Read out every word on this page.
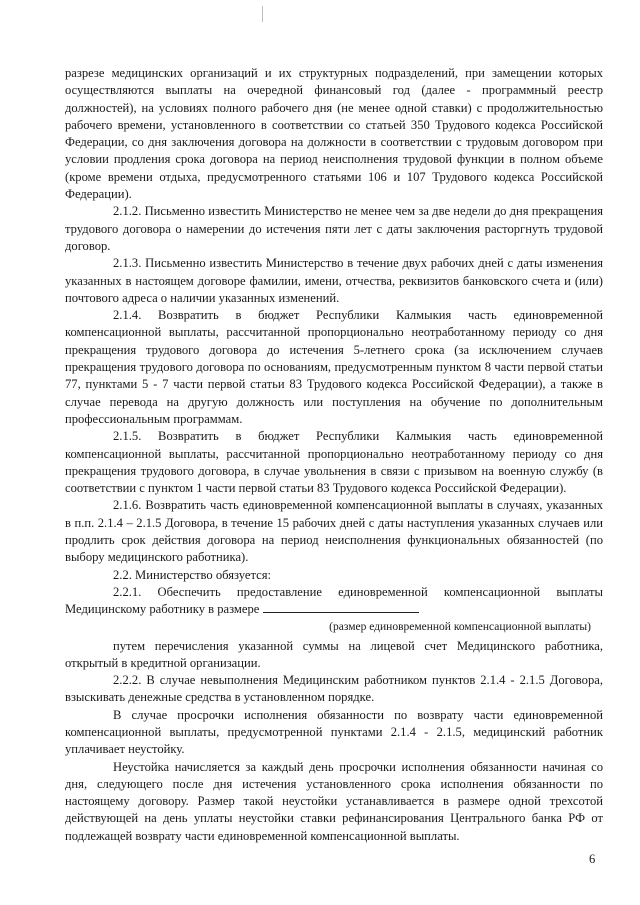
разрезе медицинских организаций и их структурных подразделений, при замещении которых осуществляются выплаты на очередной финансовый год (далее - программный реестр должностей), на условиях полного рабочего дня (не менее одной ставки) с продолжительностью рабочего времени, установленного в соответствии со статьей 350 Трудового кодекса Российской Федерации, со дня заключения договора на должности в соответствии с трудовым договором при условии продления срока договора на период неисполнения трудовой функции в полном объеме (кроме времени отдыха, предусмотренного статьями 106 и 107 Трудового кодекса Российской Федерации).

2.1.2. Письменно известить Министерство не менее чем за две недели до дня прекращения трудового договора о намерении до истечения пяти лет с даты заключения расторгнуть трудовой договор.

2.1.3. Письменно известить Министерство в течение двух рабочих дней с даты изменения указанных в настоящем договоре фамилии, имени, отчества, реквизитов банковского счета и (или) почтового адреса о наличии указанных изменений.

2.1.4. Возвратить в бюджет Республики Калмыкия часть единовременной компенсационной выплаты, рассчитанной пропорционально неотработанному периоду со дня прекращения трудового договора до истечения 5-летнего срока (за исключением случаев прекращения трудового договора по основаниям, предусмотренным пунктом 8 части первой статьи 77, пунктами 5 - 7 части первой статьи 83 Трудового кодекса Российской Федерации), а также в случае перевода на другую должность или поступления на обучение по дополнительным профессиональным программам.

2.1.5. Возвратить в бюджет Республики Калмыкия часть единовременной компенсационной выплаты, рассчитанной пропорционально неотработанному периоду со дня прекращения трудового договора, в случае увольнения в связи с призывом на военную службу (в соответствии с пунктом 1 части первой статьи 83 Трудового кодекса Российской Федерации).

2.1.6. Возвратить часть единовременной компенсационной выплаты в случаях, указанных в п.п. 2.1.4 – 2.1.5 Договора, в течение 15 рабочих дней с даты наступления указанных случаев или продлить срок действия договора на период неисполнения функциональных обязанностей (по выбору медицинского работника).

2.2. Министерство обязуется:

2.2.1. Обеспечить предоставление единовременной компенсационной выплаты Медицинскому работнику в размере

(размер единовременной компенсационной выплаты)

путем перечисления указанной суммы на лицевой счет Медицинского работника, открытый в кредитной организации.

2.2.2. В случае невыполнения Медицинским работником пунктов 2.1.4 - 2.1.5 Договора, взыскивать денежные средства в установленном порядке.

В случае просрочки исполнения обязанности по возврату части единовременной компенсационной выплаты, предусмотренной пунктами 2.1.4 - 2.1.5, медицинский работник уплачивает неустойку.

Неустойка начисляется за каждый день просрочки исполнения обязанности начиная со дня, следующего после дня истечения установленного срока исполнения обязанности по настоящему договору. Размер такой неустойки устанавливается в размере одной трехсотой действующей на день уплаты неустойки ставки рефинансирования Центрального банка РФ от подлежащей возврату части единовременной компенсационной выплаты.

6
